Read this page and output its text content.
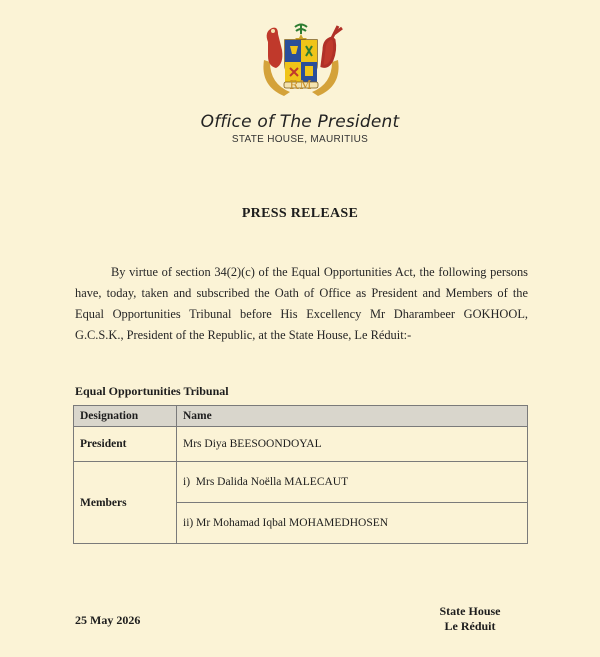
RM
Office of The President
STATE HOUSE, MAURITIUS
PRESS RELEASE
By virtue of section 34(2)(c) of the Equal Opportunities Act, the following persons have, today, taken and subscribed the Oath of Office as President and Members of the Equal Opportunities Tribunal before His Excellency Mr Dharambeer GOKHOOL, G.C.S.K., President of the Republic, at the State House, Le Réduit:-
Equal Opportunities Tribunal
Designation	Name
President	Mrs Diya BEESOONDOYAL
Members	i)  Mrs Dalida Noëlla MALECAUT
	ii) Mr Mohamad Iqbal MOHAMEDHOSEN
25 May 2026
State House
Le Réduit
